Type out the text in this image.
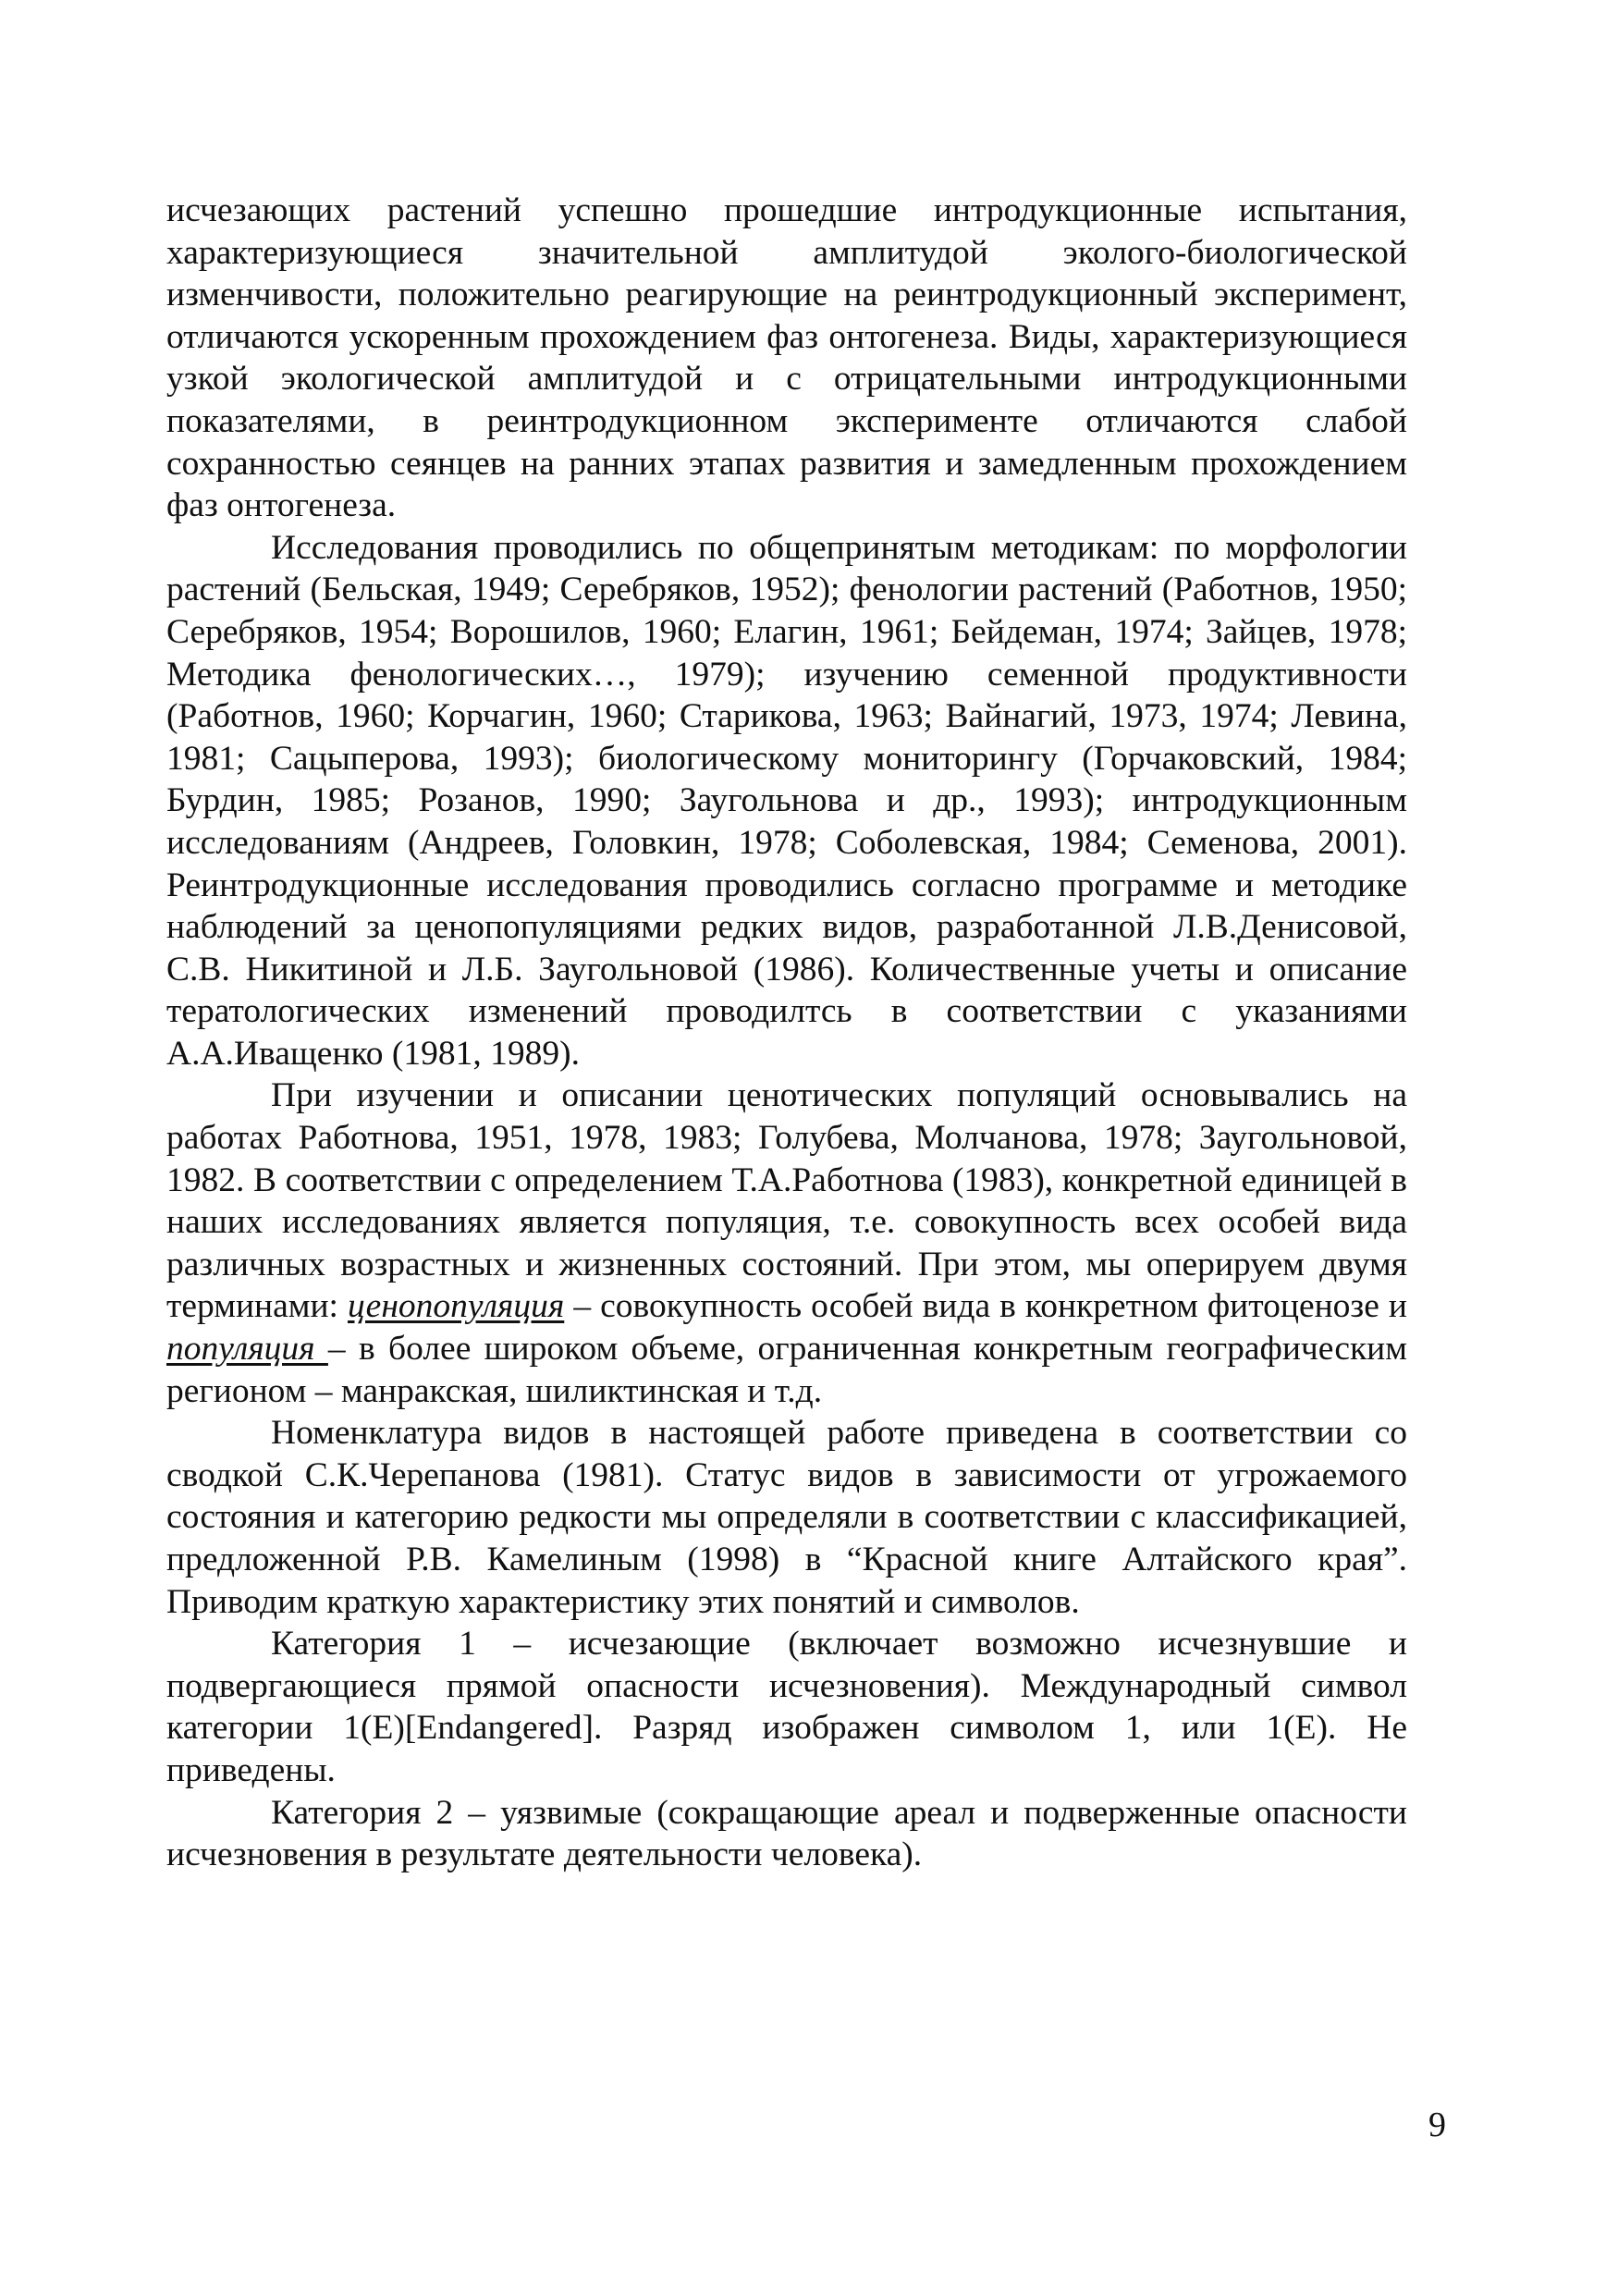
исчезающих растений успешно прошедшие интродукционные испытания, характеризующиеся значительной амплитудой эколого-биологической изменчивости, положительно реагирующие на реинтродукционный эксперимент, отличаются ускоренным прохождением фаз онтогенеза. Виды, характеризующиеся узкой экологической амплитудой и с отрицательными интродукционными показателями, в реинтродукционном эксперименте отличаются слабой сохранностью сеянцев на ранних этапах развития и замедленным прохождением фаз онтогенеза.

Исследования проводились по общепринятым методикам: по морфологии растений (Бельская, 1949; Серебряков, 1952); фенологии растений (Работнов, 1950; Серебряков, 1954; Ворошилов, 1960; Елагин, 1961; Бейдеман, 1974; Зайцев, 1978; Методика фенологических…, 1979); изучению семенной продуктивности (Работнов, 1960; Корчагин, 1960; Старикова, 1963; Вайнагий, 1973, 1974; Левина, 1981; Сацыперова, 1993); биологическому мониторингу (Горчаковский, 1984; Бурдин, 1985; Розанов, 1990; Заугольнова и др., 1993); интродукционным исследованиям (Андреев, Головкин, 1978; Соболевская, 1984; Семенова, 2001). Реинтродукционные исследования проводились согласно программе и методике наблюдений за ценопопуляциями редких видов, разработанной Л.В.Денисовой, С.В. Никитиной и Л.Б. Заугольновой (1986). Количественные учеты и описание тератологических изменений проводилтсь в соответствии с указаниями А.А.Иващенко (1981, 1989).

При изучении и описании ценотических популяций основывались на работах Работнова, 1951, 1978, 1983; Голубева, Молчанова, 1978; Заугольновой, 1982. В соответствии с определением Т.А.Работнова (1983), конкретной единицей в наших исследованиях является популяция, т.е. совокупность всех особей вида различных возрастных и жизненных состояний. При этом, мы оперируем двумя терминами: ценопопуляция – совокупность особей вида в конкретном фитоценозе и популяция – в более широком объеме, ограниченная конкретным географическим регионом – манракская, шиликтинская и т.д.

Номенклатура видов в настоящей работе приведена в соответствии со сводкой С.К.Черепанова (1981). Статус видов в зависимости от угрожаемого состояния и категорию редкости мы определяли в соответствии с классификацией, предложенной Р.В. Камелиным (1998) в “Красной книге Алтайского края”. Приводим краткую характеристику этих понятий и символов.

Категория 1 – исчезающие (включает возможно исчезнувшие и подвергающиеся прямой опасности исчезновения). Международный символ категории 1(E)[Endangered]. Разряд изображен символом 1, или 1(E). Не приведены.

Категория 2 – уязвимые (сокращающие ареал и подверженные опасности исчезновения в результате деятельности человека).

9
